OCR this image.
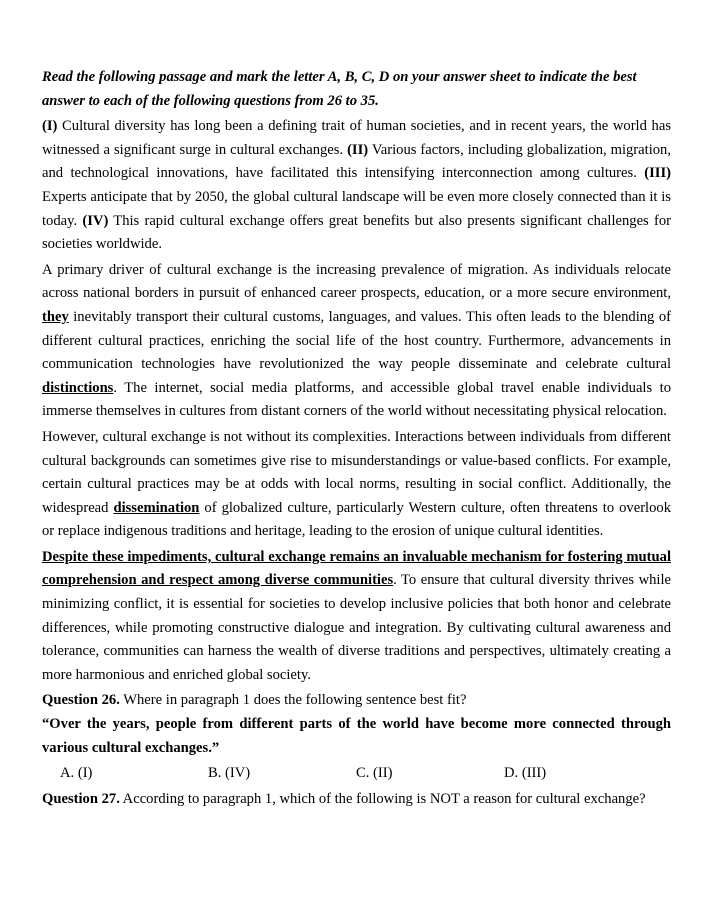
Read the following passage and mark the letter A, B, C, D on your answer sheet to indicate the best answer to each of the following questions from 26 to 35.

(I) Cultural diversity has long been a defining trait of human societies, and in recent years, the world has witnessed a significant surge in cultural exchanges. (II) Various factors, including globalization, migration, and technological innovations, have facilitated this intensifying interconnection among cultures. (III) Experts anticipate that by 2050, the global cultural landscape will be even more closely connected than it is today. (IV) This rapid cultural exchange offers great benefits but also presents significant challenges for societies worldwide.

A primary driver of cultural exchange is the increasing prevalence of migration. As individuals relocate across national borders in pursuit of enhanced career prospects, education, or a more secure environment, they inevitably transport their cultural customs, languages, and values. This often leads to the blending of different cultural practices, enriching the social life of the host country. Furthermore, advancements in communication technologies have revolutionized the way people disseminate and celebrate cultural distinctions. The internet, social media platforms, and accessible global travel enable individuals to immerse themselves in cultures from distant corners of the world without necessitating physical relocation.

However, cultural exchange is not without its complexities. Interactions between individuals from different cultural backgrounds can sometimes give rise to misunderstandings or value-based conflicts. For example, certain cultural practices may be at odds with local norms, resulting in social conflict. Additionally, the widespread dissemination of globalized culture, particularly Western culture, often threatens to overlook or replace indigenous traditions and heritage, leading to the erosion of unique cultural identities.

Despite these impediments, cultural exchange remains an invaluable mechanism for fostering mutual comprehension and respect among diverse communities. To ensure that cultural diversity thrives while minimizing conflict, it is essential for societies to develop inclusive policies that both honor and celebrate differences, while promoting constructive dialogue and integration. By cultivating cultural awareness and tolerance, communities can harness the wealth of diverse traditions and perspectives, ultimately creating a more harmonious and enriched global society.

Question 26. Where in paragraph 1 does the following sentence best fit?

“Over the years, people from different parts of the world have become more connected through various cultural exchanges.”

A. (I)	B. (IV)	C. (II)	D. (III)

Question 27. According to paragraph 1, which of the following is NOT a reason for cultural exchange?
